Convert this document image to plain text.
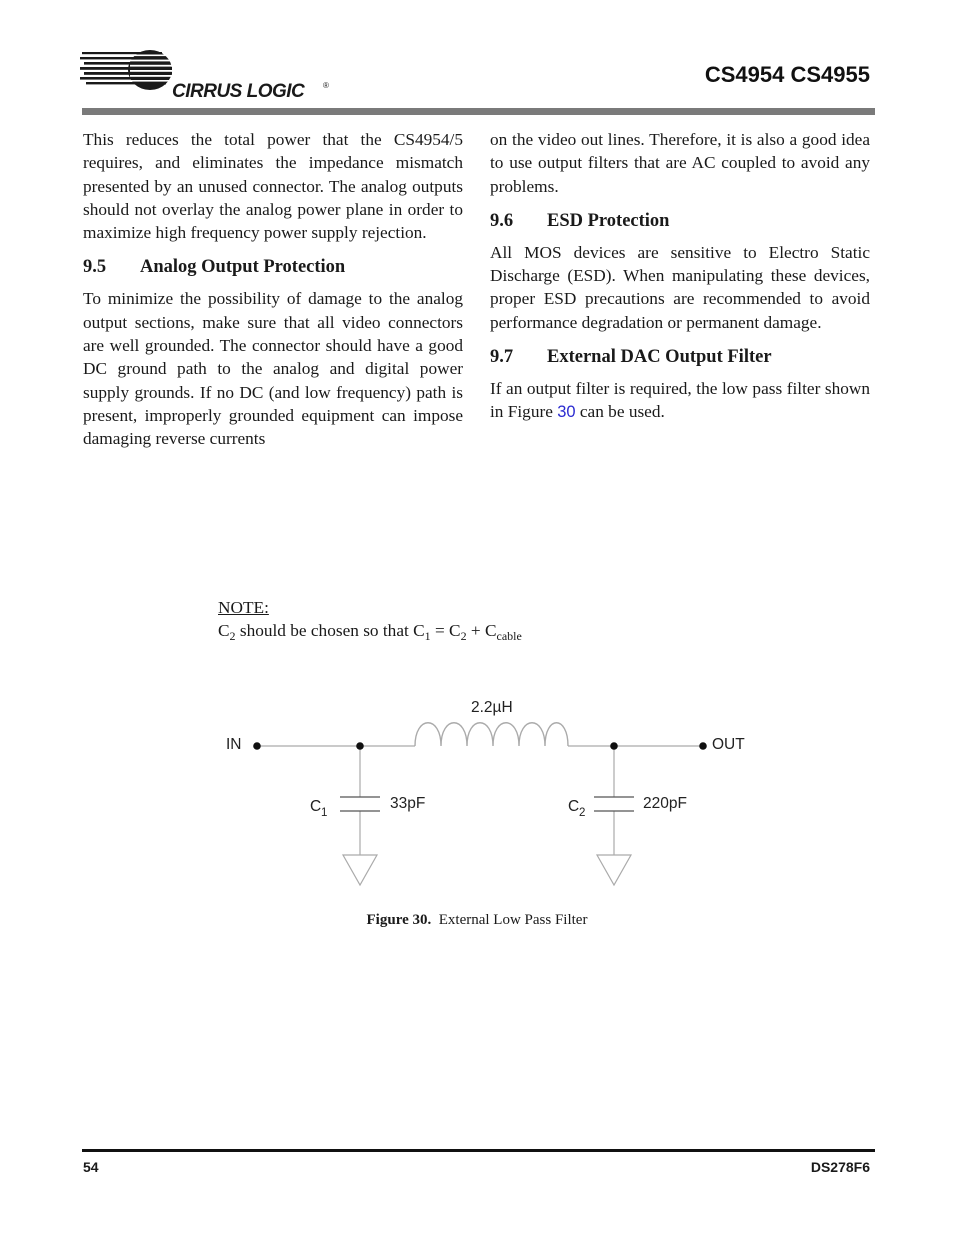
CIRRUS LOGIC ®	CS4954 CS4955

This reduces the total power that the CS4954/5 requires, and eliminates the impedance mismatch presented by an unused connector. The analog outputs should not overlay the analog power plane in order to maximize high frequency power supply rejection.

9.5 Analog Output Protection

To minimize the possibility of damage to the analog output sections, make sure that all video connectors are well grounded. The connector should have a good DC ground path to the analog and digital power supply grounds. If no DC (and low frequency) path is present, improperly grounded equipment can impose damaging reverse currents

on the video out lines. Therefore, it is also a good idea to use output filters that are AC coupled to avoid any problems.

9.6 ESD Protection

All MOS devices are sensitive to Electro Static Discharge (ESD). When manipulating these devices, proper ESD precautions are recommended to avoid performance degradation or permanent damage.

9.7 External DAC Output Filter

If an output filter is required, the low pass filter shown in Figure 30 can be used.

NOTE:
$C_2$ should be chosen so that $C_1 = C_2 + C_{cable}$
2.2µH
IN	OUT
C 1
33pF	C 2
220pF
Figure 30. External Low Pass Filter
54	DS278F6
